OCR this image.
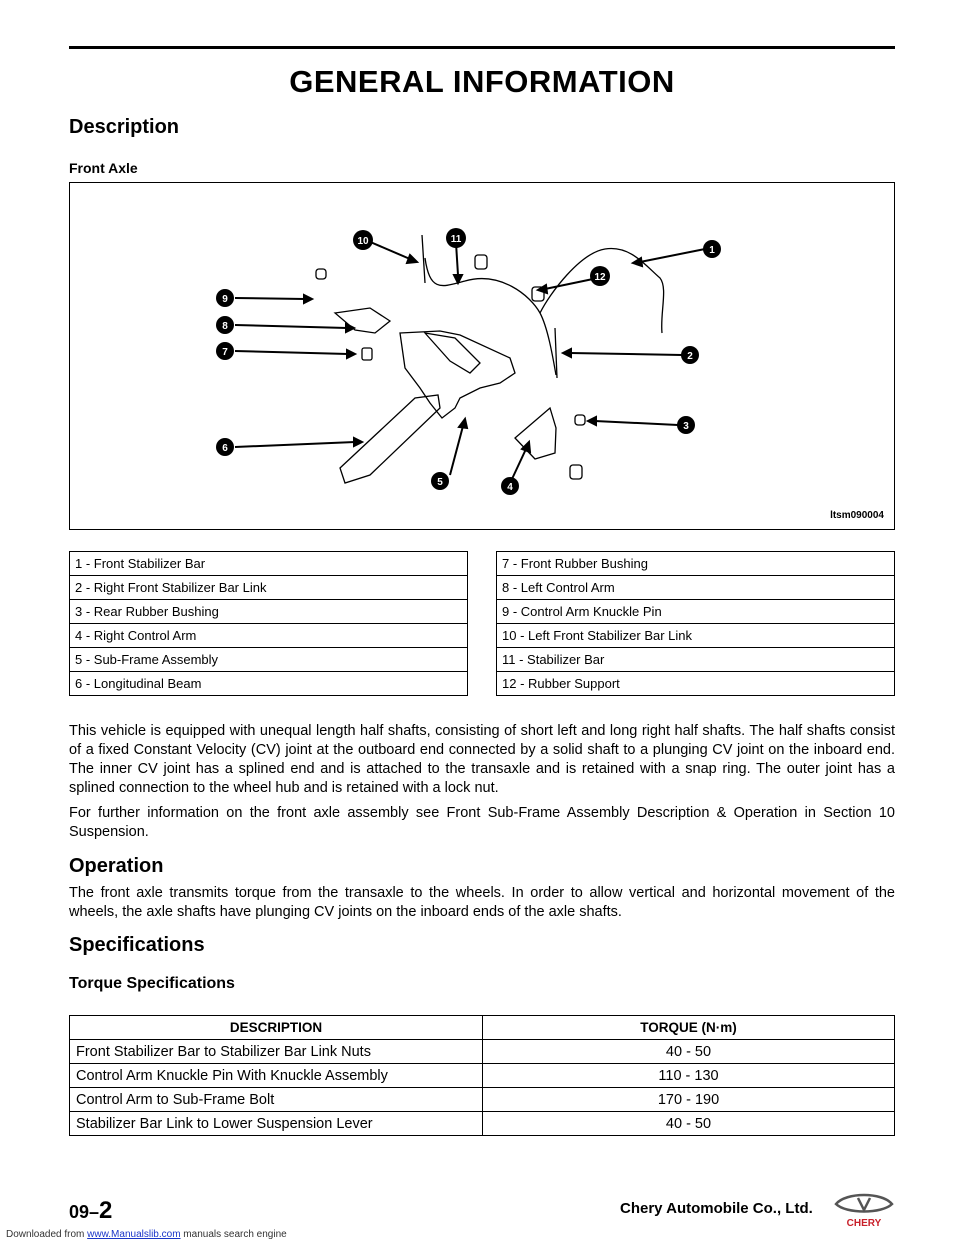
GENERAL INFORMATION
Description
Front Axle
1
2
3
4
5
6
7
8
9
10	11
12
ltsm090004
1 - Front Stabilizer Bar
2 - Right Front Stabilizer Bar Link
3 - Rear Rubber Bushing
4 - Right Control Arm
5 - Sub-Frame Assembly
6 - Longitudinal Beam
7 - Front Rubber Bushing
8 - Left Control Arm
9 - Control Arm Knuckle Pin
10 - Left Front Stabilizer Bar Link
11 - Stabilizer Bar
12 - Rubber Support

This vehicle is equipped with unequal length half shafts, consisting of short left and long right half shafts. The half shafts consist of a fixed Constant Velocity (CV) joint at the outboard end connected by a solid shaft to a plunging CV joint on the inboard end. The inner CV joint has a splined end and is attached to the transaxle and is retained with a snap ring. The outer joint has a splined connection to the wheel hub and is retained with a lock nut.

For further information on the front axle assembly see Front Sub-Frame Assembly Description & Operation in Section 10 Suspension.

Operation

The front axle transmits torque from the transaxle to the wheels. In order to allow vertical and horizontal movement of the wheels, the axle shafts have plunging CV joints on the inboard ends of the axle shafts.

Specifications
Torque Specifications
DESCRIPTION	TORQUE (N·m)
Front Stabilizer Bar to Stabilizer Bar Link Nuts	40 - 50
Control Arm Knuckle Pin With Knuckle Assembly	110 - 130
Control Arm to Sub-Frame Bolt	170 - 190
Stabilizer Bar Link to Lower Suspension Lever	40 - 50
09–2	Chery Automobile Co., Ltd.
CHERY
Downloaded from www.Manualslib.com manuals search engine
